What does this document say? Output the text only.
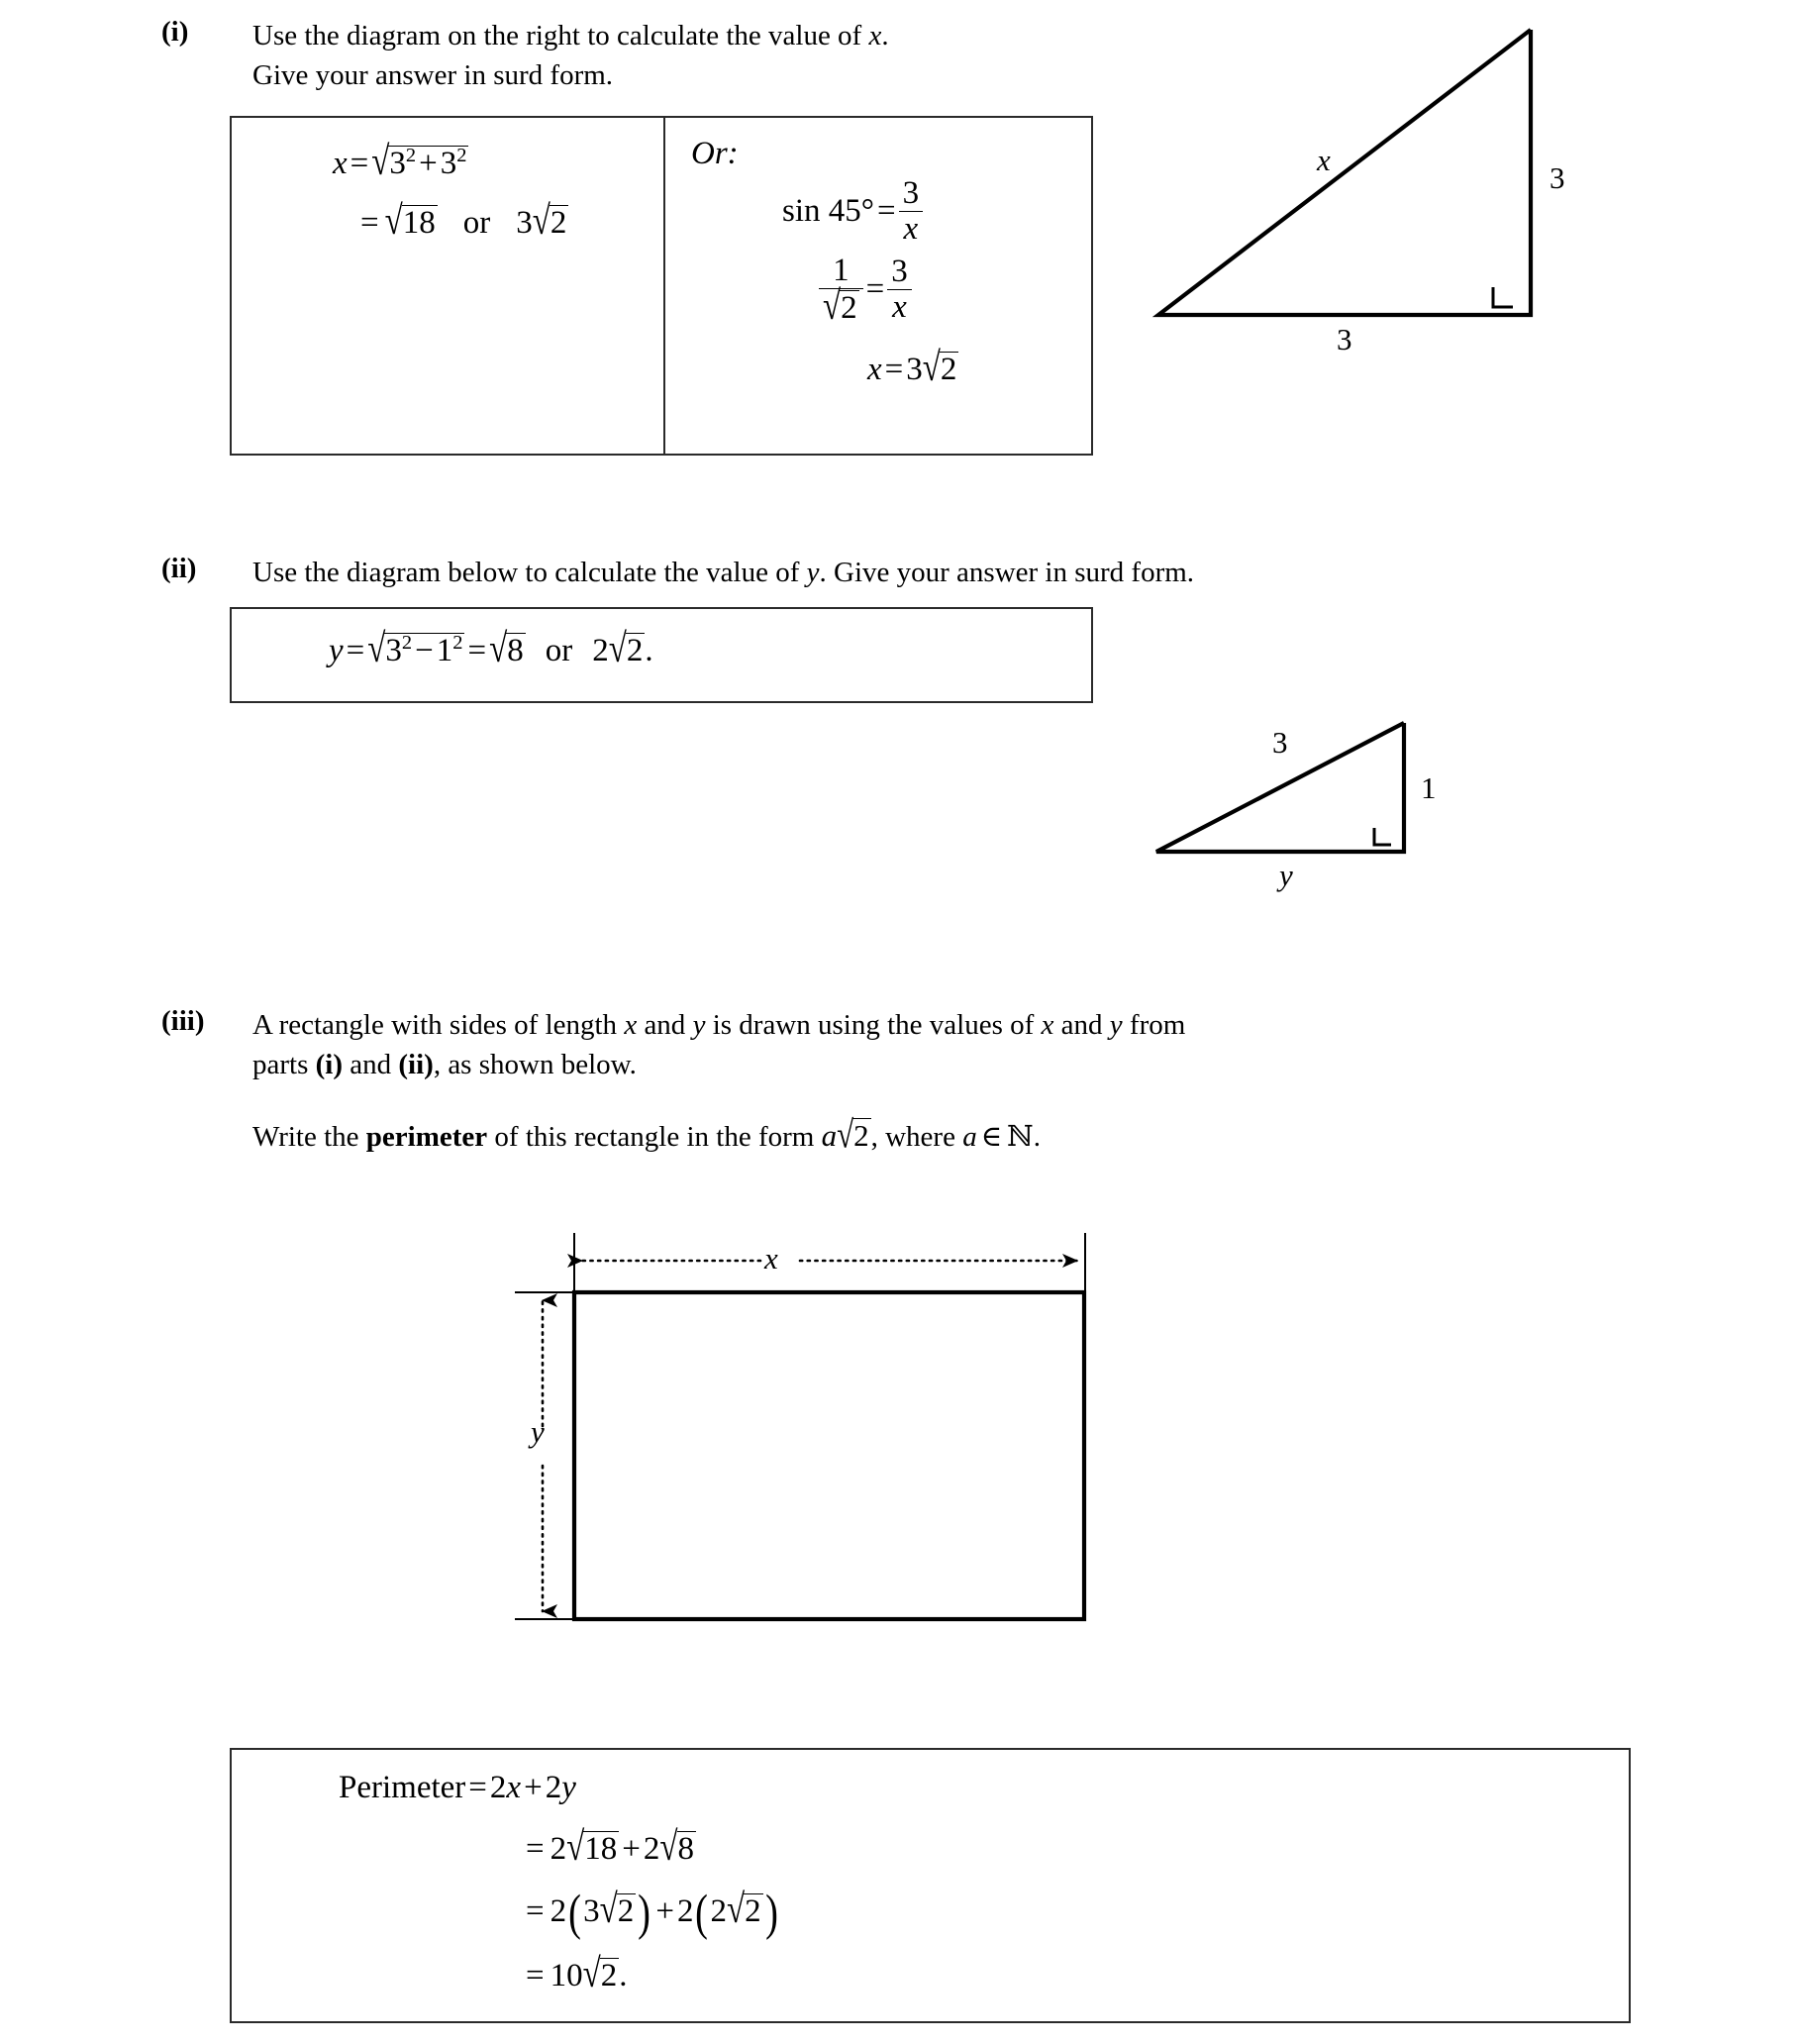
(i) Use the diagram on the right to calculate the value of x.
Give your answer in surd form.
$x=√3^2+3^2$
= √18 or 3√2
Or:
$\sin 45^\circ= \frac{3}{x}$
$\frac{1}{√2} = \frac{3}{x}$
x=3√2
x
3
3
(ii) Use the diagram below to calculate the value of y. Give your answer in surd form.
$y=√3^2-1^2 =√8$ or 2√2.
3
1
y
(iii) A rectangle with sides of length x and y is drawn using the values of x and y from
parts (i) and (ii), as shown below.
Write the perimeter of this rectangle in the form a√2, where a ∈ ℕ.
x
y
Perimeter=2x+2y
= 2√18 +2√8
= 2(3√2) +2(2√2)
= 10√2.
